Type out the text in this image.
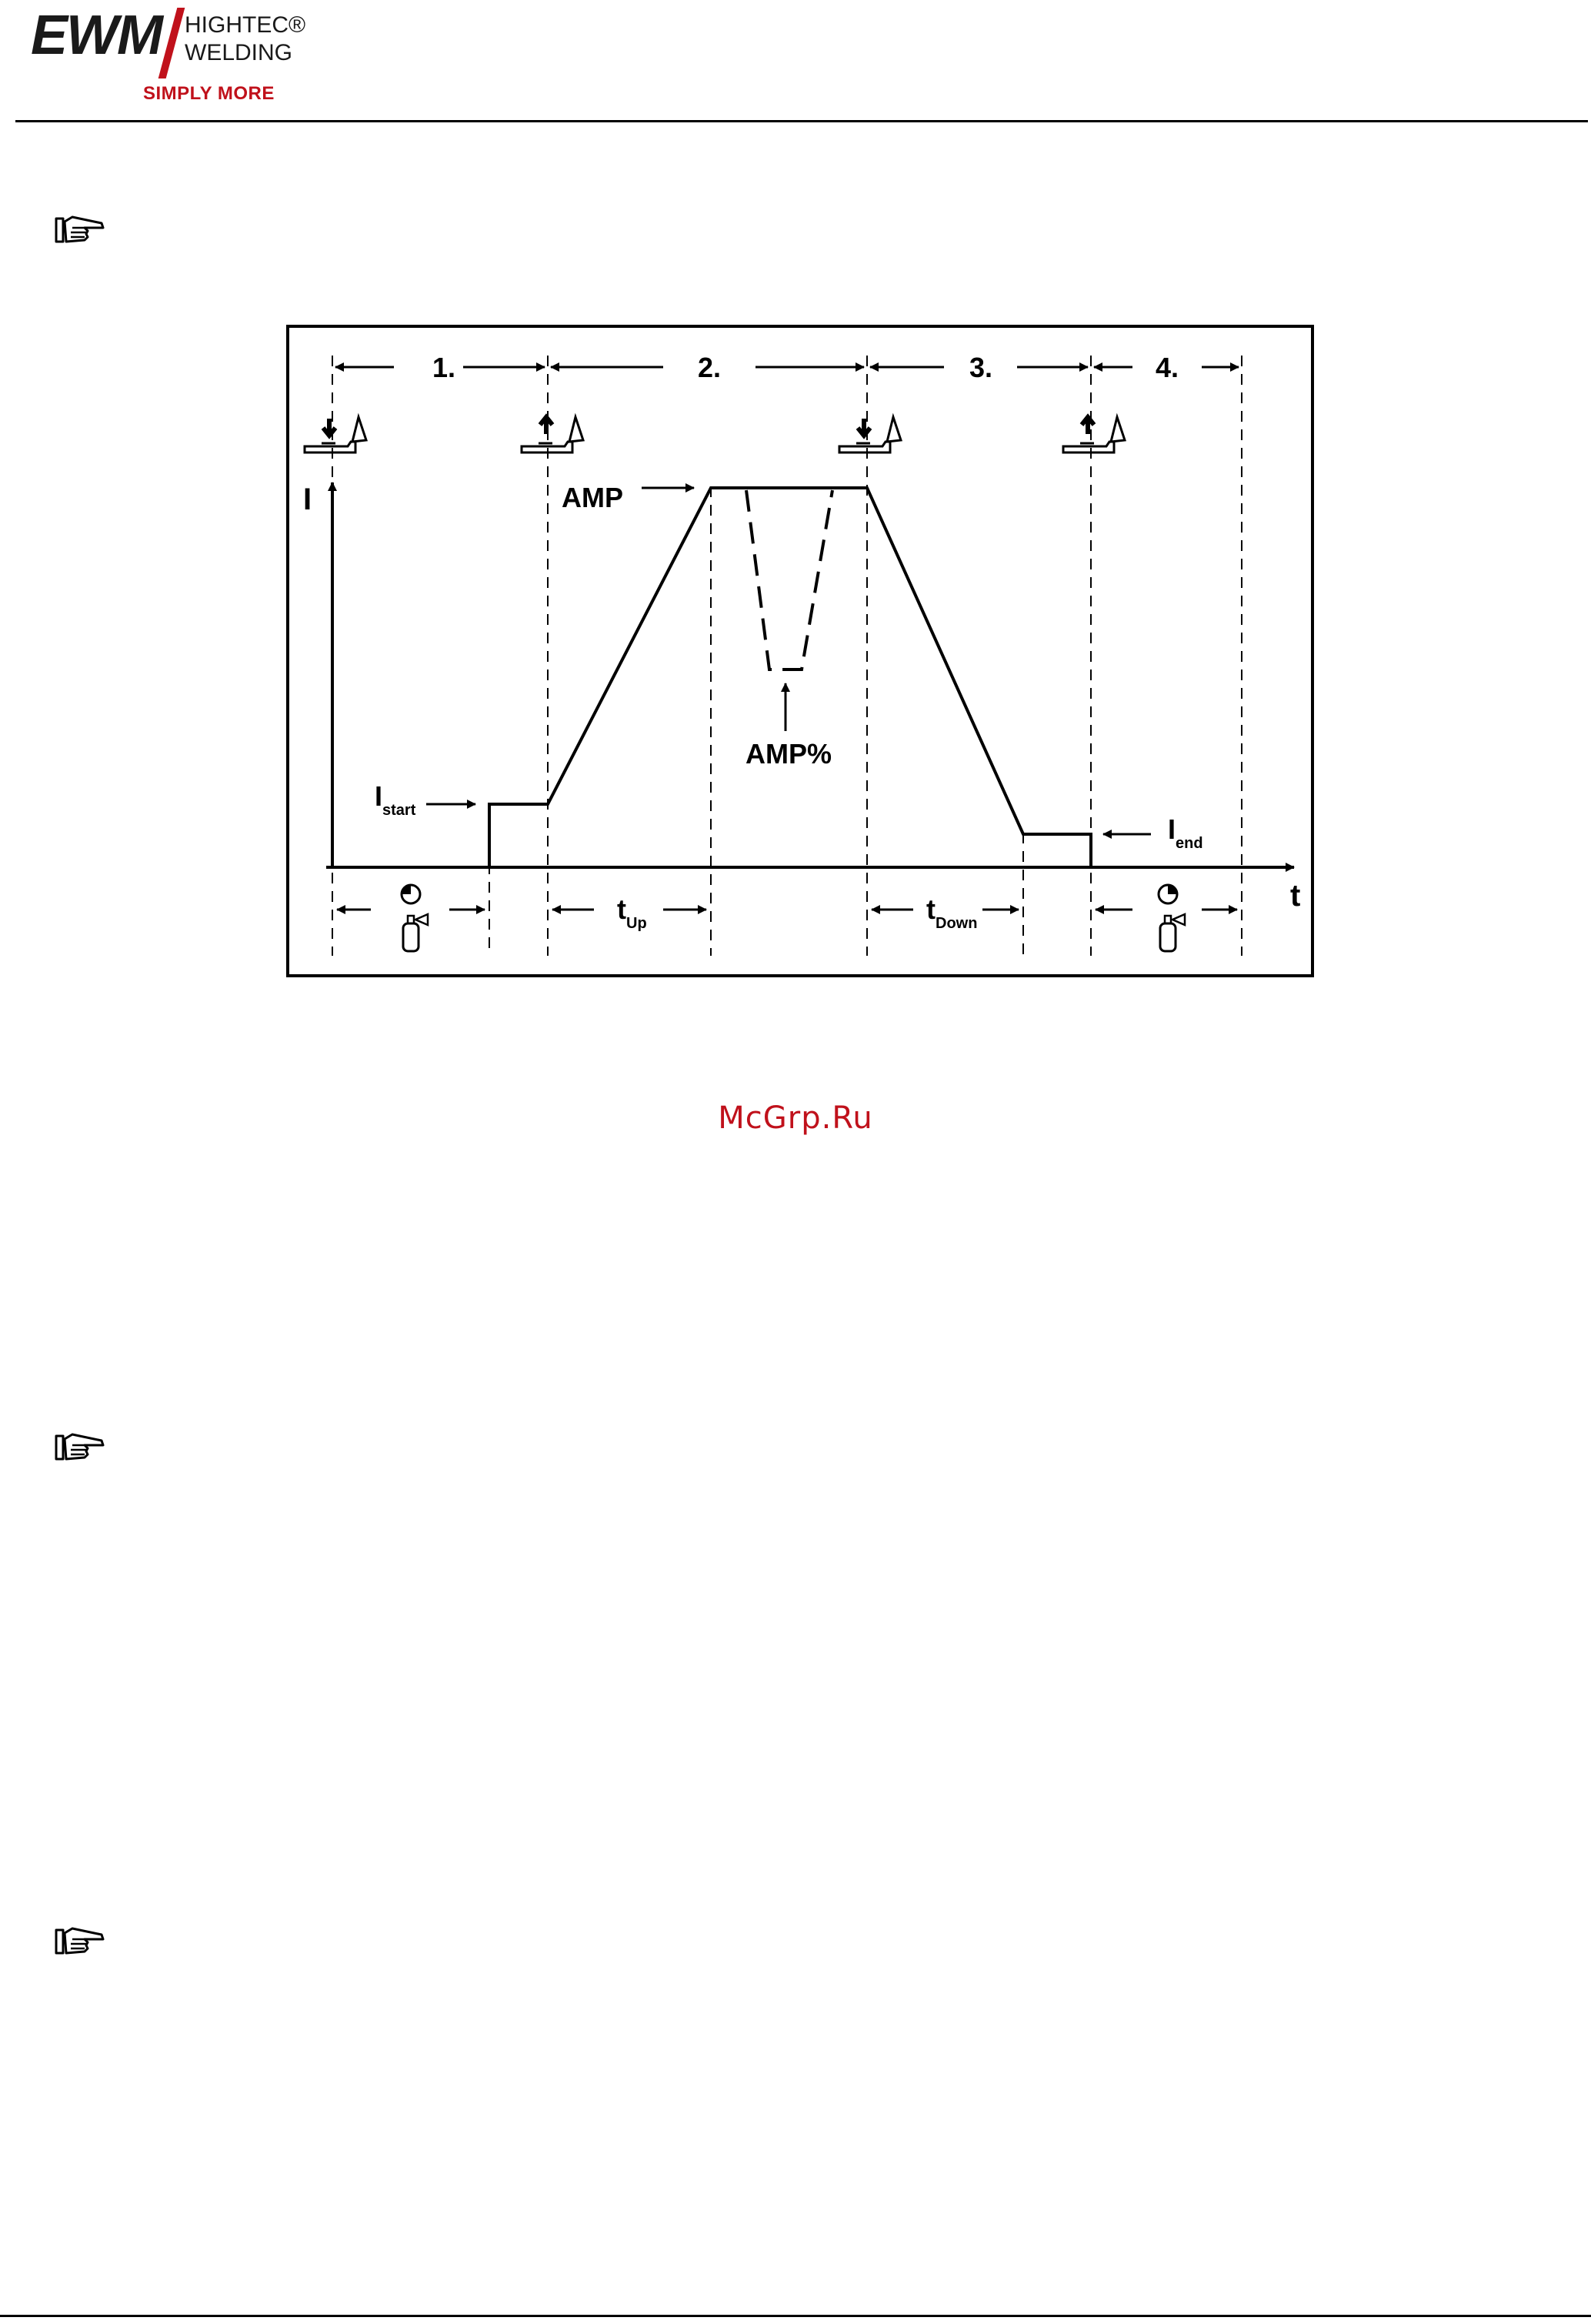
EWM HIGHTEC®
WELDING
SIMPLY MORE
1.	2.	3.	4.
I
t
AMP
AMP%
$I_{start}$
$I_{end}$
$t_{Up}$	$t_{Down}$
McGrp.Ru
